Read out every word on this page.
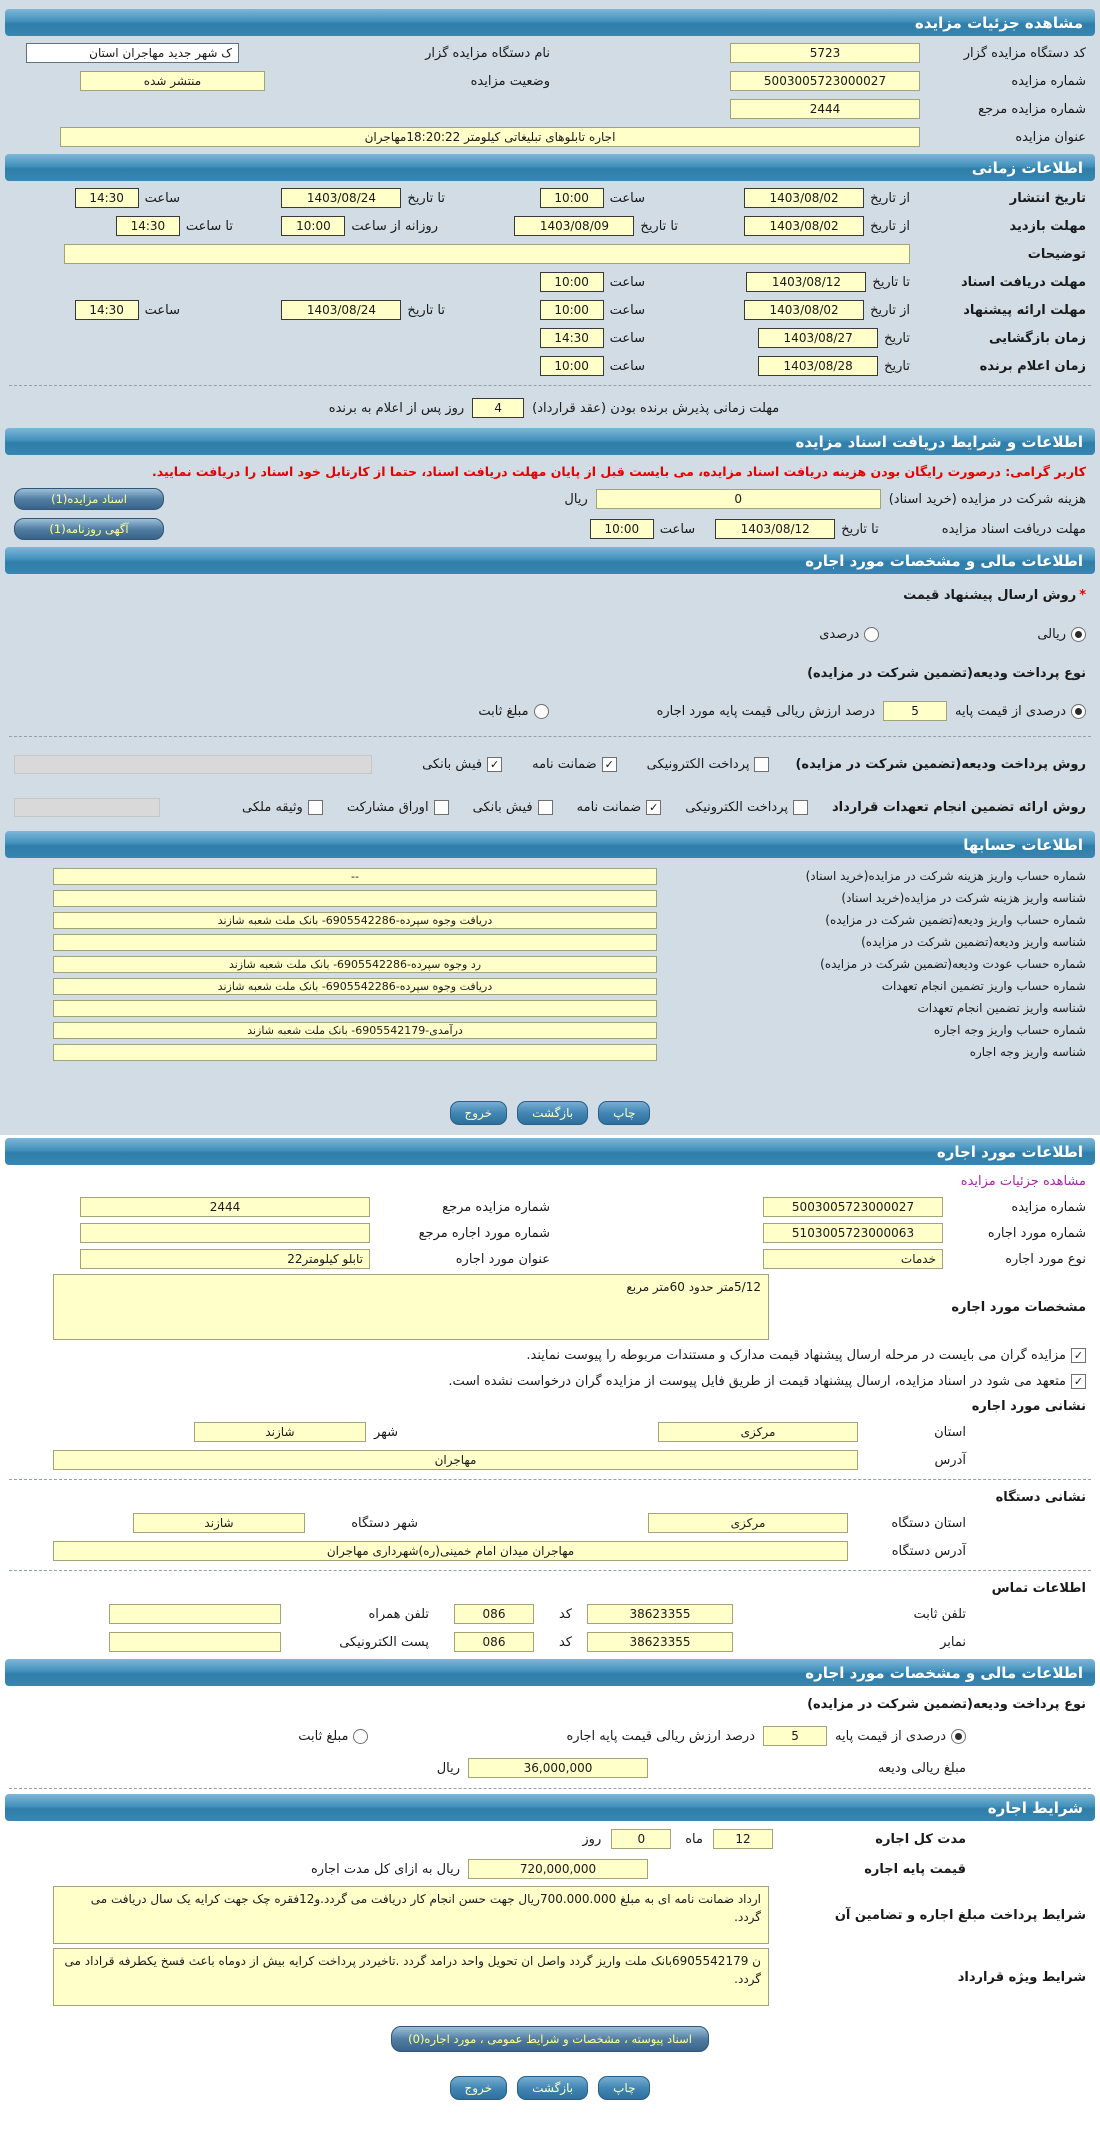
مشاهده جزئیات مزایده
کد دستگاه مزایده گزار
5723
نام دستگاه مزایده گزار
ک شهر جدید مهاجران استان
شماره مزایده
5003005723000027
وضعیت مزایده
منتشر شده
شماره مزایده مرجع
2444
عنوان مزایده
اجاره تابلوهای تبلیغاتی کیلومتر 18:20:22مهاجران
اطلاعات زمانی
تاریخ انتشار
از تاریخ
1403/08/02
ساعت
10:00
تا تاریخ
1403/08/24
ساعت
14:30
مهلت بازدید
از تاریخ
1403/08/02
تا تاریخ
1403/08/09
روزانه از ساعت
10:00
تا ساعت
14:30
توضیحات
مهلت دریافت اسناد
تا تاریخ
1403/08/12
ساعت
10:00
مهلت ارائه پیشنهاد
از تاریخ
1403/08/02
ساعت
10:00
تا تاریخ
1403/08/24
ساعت
14:30
زمان بازگشایی
تاریخ
1403/08/27
ساعت
14:30
زمان اعلام برنده
تاریخ
1403/08/28
ساعت
10:00
مهلت زمانی پذیرش برنده بودن (عقد قرارداد)
4
روز پس از اعلام به برنده
اطلاعات و شرایط دریافت اسناد مزایده
کاربر گرامی: درصورت رایگان بودن هزینه دریافت اسناد مزایده، می بایست قبل از پایان مهلت دریافت اسناد، حتما از کارتابل خود اسناد را دریافت نمایید.
هزینه شرکت در مزایده (خرید اسناد)
0
ریال
اسناد مزایده(1)
مهلت دریافت اسناد مزایده
تا تاریخ
1403/08/12
ساعت
10:00
آگهی روزنامه(1)
اطلاعات مالی و مشخصات مورد اجاره
*
روش ارسال پیشنهاد قیمت
ریالی
درصدی
نوع پرداخت ودیعه(تضمین شرکت در مزایده)
درصدی از قیمت پایه
5
درصد ارزش ریالی قیمت پایه مورد اجاره
مبلغ ثابت
روش پرداخت ودیعه(تضمین شرکت در مزایده)
پرداخت الکترونیکی
✓
ضمانت نامه
✓
فیش بانکی
روش ارائه تضمین انجام تعهدات قرارداد
پرداخت الکترونیکی
✓
ضمانت نامه
فیش بانکی
اوراق مشارکت
وثیقه ملکی
اطلاعات حسابها
شماره حساب واریز هزینه شرکت در مزایده(خرید اسناد)
--
شناسه واریز هزینه شرکت در مزایده(خرید اسناد)
شماره حساب واریز ودیعه(تضمین شرکت در مزایده)
دریافت وجوه سپرده-6905542286- بانک ملت شعبه شازند
شناسه واریز ودیعه(تضمین شرکت در مزایده)
شماره حساب عودت ودیعه(تضمین شرکت در مزایده)
رد وجوه سپرده-6905542286- بانک ملت شعبه شازند
شماره حساب واریز تضمین انجام تعهدات
دریافت وجوه سپرده-6905542286- بانک ملت شعبه شازند
شناسه واریز تضمین انجام تعهدات
شماره حساب واریز وجه اجاره
درآمدی-6905542179- بانک ملت شعبه شازند
شناسه واریز وجه اجاره
چاپ
بازگشت
خروج
اطلاعات مورد اجاره
مشاهده جزئیات مزایده
شماره مزایده
5003005723000027
شماره مزایده مرجع
2444
شماره مورد اجاره
5103005723000063
شماره مورد اجاره مرجع
نوع مورد اجاره
خدمات
عنوان مورد اجاره
تابلو کیلومتر22
مشخصات مورد اجاره
5/12متر حدود 60متر مربع
✓
مزایده گران می بایست در مرحله ارسال پیشنهاد قیمت مدارک و مستندات مربوطه را پیوست نمایند.
✓
متعهد می شود در اسناد مزایده، ارسال پیشنهاد قیمت از طریق فایل پیوست از مزایده گران درخواست نشده است.
نشانی مورد اجاره
استان
مرکزی
شهر
شازند
آدرس
مهاجران
نشانی دستگاه
استان دستگاه
مرکزی
شهر دستگاه
شازند
آدرس دستگاه
مهاجران میدان امام خمینی(ره)شهرداری مهاجران
اطلاعات تماس
تلفن ثابت
38623355
کد
086
تلفن همراه
نمابر
38623355
کد
086
پست الکترونیکی
اطلاعات مالی و مشخصات مورد اجاره
نوع پرداخت ودیعه(تضمین شرکت در مزایده)
درصدی از قیمت پایه
5
درصد ارزش ریالی قیمت پایه اجاره
مبلغ ثابت
مبلغ ریالی ودیعه
36,000,000
ریال
شرایط اجاره
مدت کل اجاره
12
ماه
0
روز
قیمت پایه اجاره
720,000,000
ریال به ازای کل مدت اجاره
شرایط پرداخت مبلغ اجاره و تضامین آن
ارداد ضمانت نامه ای به مبلغ 700.000.000ریال جهت حسن انجام کار دریافت می گردد.و12فقره چک جهت کرایه یک سال دریافت می گردد.
شرایط ویژه قرارداد
ن 6905542179بانک ملت واریز گردد واصل ان تحویل واحد درامد گردد .تاخیردر پرداخت کرایه بیش از دوماه باعث فسخ یکطرفه قراداد می گردد.
اسناد پیوسته ، مشخصات و شرایط عمومی ، مورد اجاره(0)
چاپ
بازگشت
خروج
